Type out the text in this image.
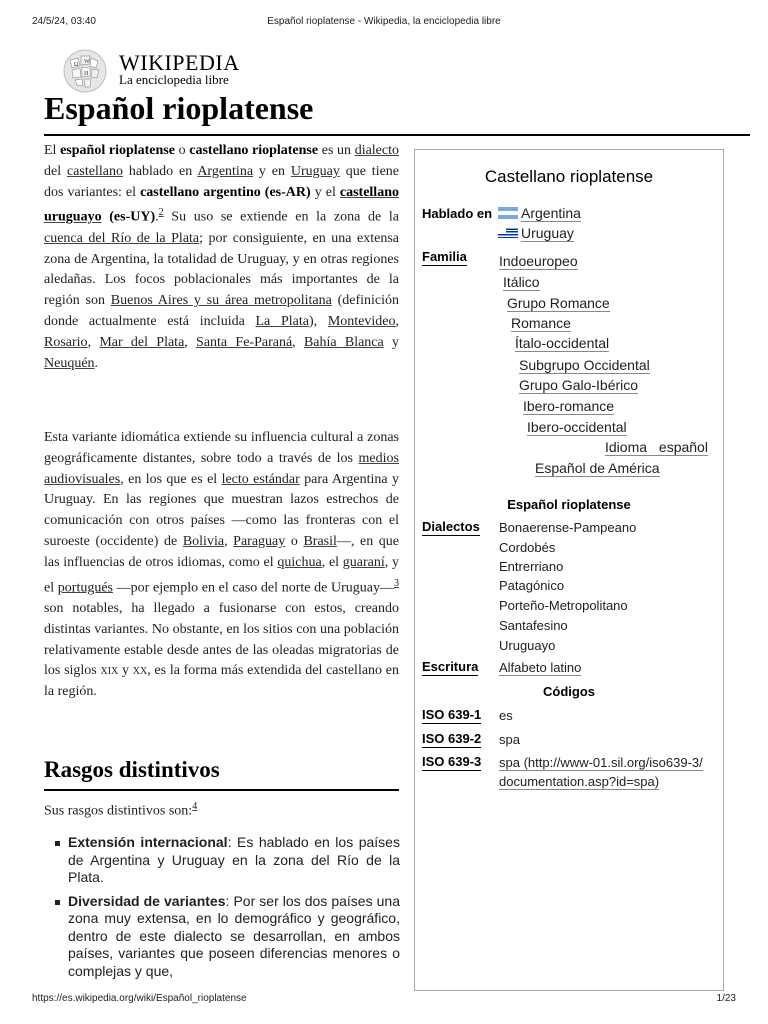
24/5/24, 03:40	Español rioplatense - Wikipedia, la enciclopedia libre
Ω W
И WIKIPEDIA
La enciclopedia libre
Español rioplatense

El español rioplatense o castellano rioplatense es un dialecto del castellano hablado en Argentina y en Uruguay que tiene dos variantes: el castellano argentino (es-AR) y el castellano uruguayo (es-UY).$^2$ Su uso se extiende en la zona de la cuenca del Río de la Plata; por consiguiente, en una extensa zona de Argentina, la totalidad de Uruguay, y en otras regiones aledañas. Los focos poblacionales más importantes de la región son Buenos Aires y su área metropolitana (definición donde actualmente está incluida La Plata), Montevideo, Rosario, Mar del Plata, Santa Fe-Paraná, Bahía Blanca y Neuquén.

Esta variante idiomática extiende su influencia cultural a zonas geográficamente distantes, sobre todo a través de los medios audiovisuales, en los que es el lecto estándar para Argentina y Uruguay. En las regiones que muestran lazos estrechos de comunicación con otros países —como las fronteras con el suroeste (occidente) de Bolivia, Paraguay o Brasil—, en que las influencias de otros idiomas, como el quichua, el guaraní, y el portugués —por ejemplo en el caso del norte de Uruguay—$^3$ son notables, ha llegado a fusionarse con estos, creando distintas variantes. No obstante, en los sitios con una población relativamente estable desde antes de las oleadas migratorias de los siglos xix y xx, es la forma más extendida del castellano en la región.

Rasgos distintivos

Sus rasgos distintivos son:$^4$

Extensión internacional: Es hablado en los países de Argentina y Uruguay en la zona del Río de la Plata.
Diversidad de variantes: Por ser los dos países una zona muy extensa, en lo demográfico y geográfico, dentro de este dialecto se desarrollan, en ambos países, variantes que poseen diferencias menores o complejas y que,
Castellano rioplatense
Hablado en	Argentina
Uruguay
Familia Indoeuropeo
Itálico
Grupo Romance
Romance
Ítalo-occidental
Subgrupo Occidental
Grupo Galo-Ibérico
Ibero-romance
Ibero-occidental
Idioma español
Español de América
Español rioplatense
Dialectos Bonaerense-Pampeano
Cordobés
Entrerriano
Patagónico
Porteño-Metropolitano
Santafesino
Uruguayo
Escritura Alfabeto latino
Códigos
ISO 639-1 es
ISO 639-2 spa
ISO 639-3 spa (http://www-01.sil.org/iso639-3/
documentation.asp?id=spa)
https://es.wikipedia.org/wiki/Español_rioplatense	1/23
